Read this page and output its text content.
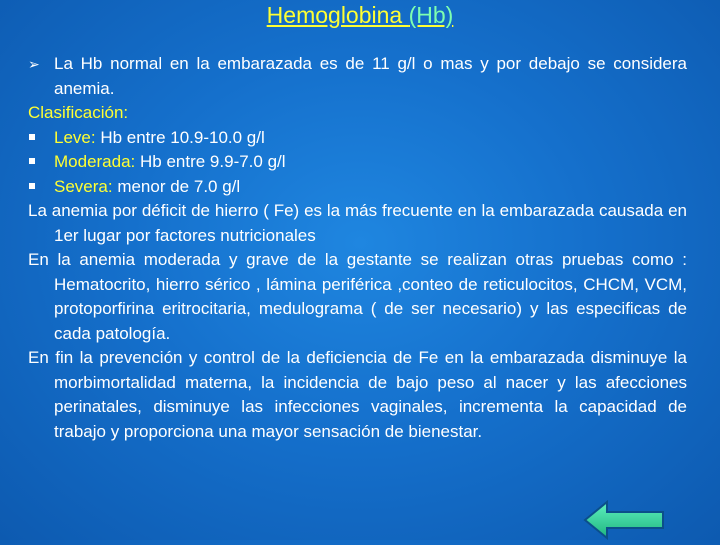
Hemoglobina (Hb)
➢ La Hb normal en la embarazada es de 11 g/l o mas y por debajo se considera anemia.
Clasificación:
Leve: Hb entre 10.9-10.0 g/l
Moderada: Hb entre 9.9-7.0 g/l
Severa: menor de 7.0 g/l
La anemia por déficit de hierro ( Fe) es la más frecuente en la embarazada causada en 1er lugar por factores nutricionales
En la anemia moderada y grave de la gestante se realizan otras pruebas como : Hematocrito, hierro sérico , lámina periférica ,conteo de reticulocitos, CHCM, VCM, protoporfirina eritrocitaria, medulograma ( de ser necesario) y las especificas de cada patología.
En fin la prevención y control de la deficiencia de Fe en la embarazada disminuye la morbimortalidad materna, la incidencia de bajo peso al nacer y las afecciones perinatales, disminuye las infecciones vaginales, incrementa la capacidad de trabajo y proporciona una mayor sensación de bienestar.
